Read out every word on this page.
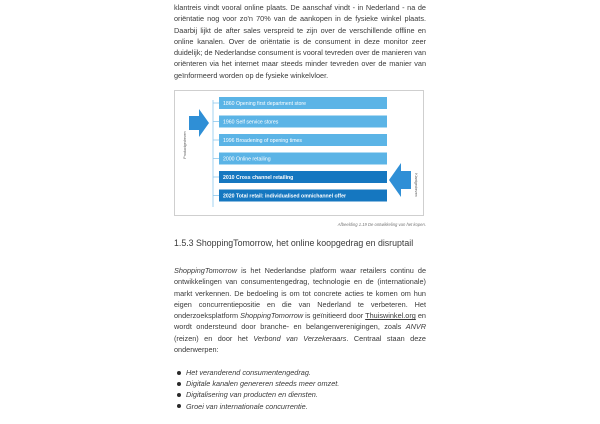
klantreis vindt vooral online plaats. De aanschaf vindt - in Nederland - na de oriëntatie nog voor zo'n 70% van de aankopen in de fysieke winkel plaats. Daarbij lijkt de after sales verspreid te zijn over de verschillende offline en online kanalen. Over de oriëntatie is de consument in deze monitor zeer duidelijk; de Nederlandse consument is vooral tevreden over de manieren van oriënteren via het internet maar steeds minder tevreden over de manier van geïnformeerd worden op de fysieke winkelvloer.

Productgedreven
Klantgedreven
1860 Opening first department store
1960 Self service stores
1996 Broadening of opening times
2000 Online retailing
2010 Cross channel retailing
2020 Total retail: individualised omnichannel offer
Afbeelding 1.19 De ontwikkeling van het kopen.
1.5.3 ShoppingTomorrow, het online koopgedrag en disruptail

ShoppingTomorrow is het Nederlandse platform waar retailers continu de ontwikkelingen van consumentengedrag, technologie en de (internationale) markt verkennen. De bedoeling is om tot concrete acties te komen om hun eigen concurrentiepositie en die van Nederland te verbeteren. Het onderzoeksplatform ShoppingTomorrow is geïnitieerd door Thuiswinkel.org en wordt ondersteund door branche- en belangenverenigingen, zoals ANVR (reizen) en door het Verbond van Verzekeraars. Centraal staan deze onderwerpen:

Het veranderend consumentengedrag.
Digitale kanalen genereren steeds meer omzet.
Digitalisering van producten en diensten.
Groei van internationale concurrentie.
